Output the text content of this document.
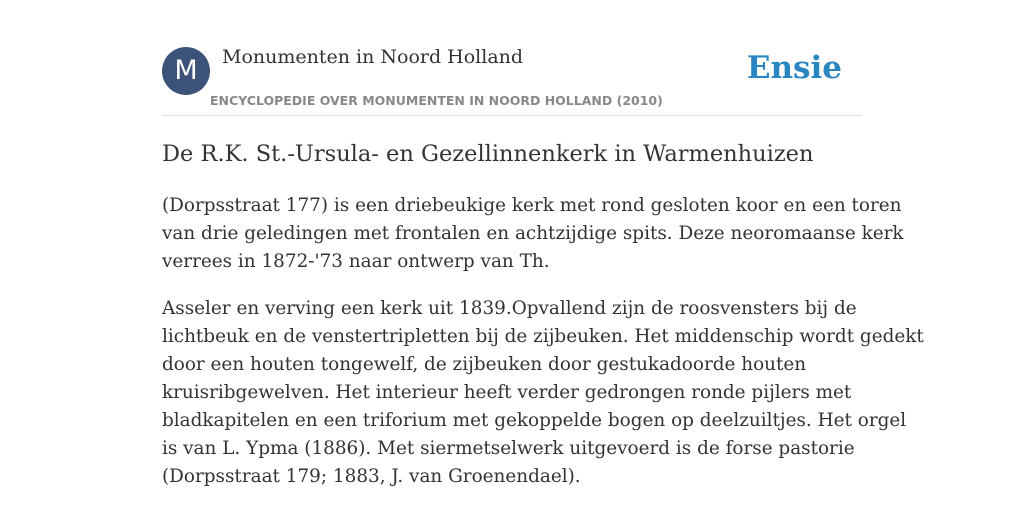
M	Monumenten in Noord Holland
ENCYCLOPEDIE OVER MONUMENTEN IN NOORD HOLLAND (2010)
Ensie
De R.K. St.-Ursula- en Gezellinnenkerk in Warmenhuizen

(Dorpsstraat 177) is een driebeukige kerk met rond gesloten koor en een toren
van drie geledingen met frontalen en achtzijdige spits. Deze neoromaanse kerk
verrees in 1872-'73 naar ontwerp van Th.

Asseler en verving een kerk uit 1839.Opvallend zijn de roosvensters bij de
lichtbeuk en de venstertripletten bij de zijbeuken. Het middenschip wordt gedekt
door een houten tongewelf, de zijbeuken door gestukadoorde houten
kruisribgewelven. Het interieur heeft verder gedrongen ronde pijlers met
bladkapitelen en een triforium met gekoppelde bogen op deelzuiltjes. Het orgel
is van L. Ypma (1886). Met siermetselwerk uitgevoerd is de forse pastorie
(Dorpsstraat 179; 1883, J. van Groenendael).
